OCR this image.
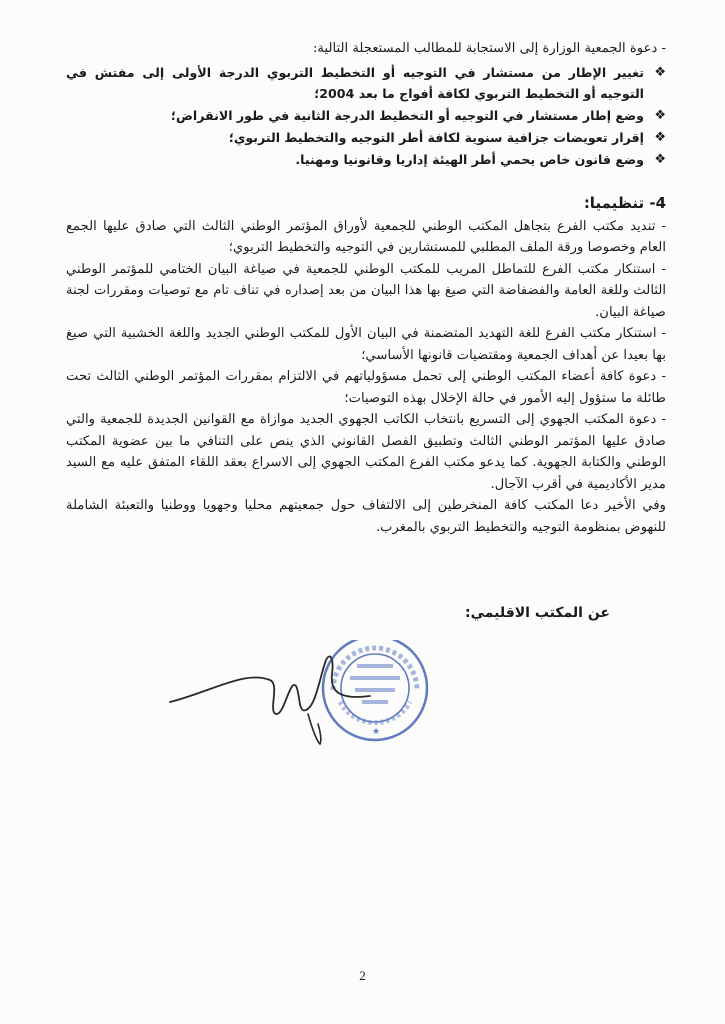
- دعوة الجمعية الوزارة إلى الاستجابة للمطالب المستعجلة التالية:

❖
تغيير الإطار من مستشار في التوجيه أو التخطيط التربوي الدرجة الأولى إلى مفتش في التوجيه أو التخطيط التربوي لكافة أفواج ما بعد 2004؛
❖
وضع إطار مستشار في التوجيه أو التخطيط الدرجة الثانية في طور الانقراض؛
❖
إقرار تعويضات جزافية سنوية لكافة أطر التوجيه والتخطيط التربوي؛
❖
وضع قانون خاص يحمي أطر الهيئة إداريا وقانونيا ومهنيا.
4- تنظيميا:

- تنديد مكتب الفرع بتجاهل المكتب الوطني للجمعية لأوراق المؤتمر الوطني الثالث التي صادق عليها الجمع العام وخصوصا ورقة الملف المطلبي للمستشارين في التوجيه والتخطيط التربوي؛

- استنكار مكتب الفرع للتماطل المريب للمكتب الوطني للجمعية في صياغة البيان الختامي للمؤتمر الوطني الثالث وللغة العامة والفضفاضة التي صيغ بها هذا البيان من بعد إصداره في تناف تام مع توصيات ومقررات لجنة صياغة البيان.

- استنكار مكتب الفرع للغة التهديد المتضمنة في البيان الأول للمكتب الوطني الجديد واللغة الخشبية التي صيغ بها بعيدا عن أهداف الجمعية ومقتضيات قانونها الأساسي؛

- دعوة كافة أعضاء المكتب الوطني إلى تحمل مسؤولياتهم في الالتزام بمقررات المؤتمر الوطني الثالث تحت طائلة ما ستؤول إليه الأمور في حالة الإخلال بهذه التوصيات؛

- دعوة المكتب الجهوي إلى التسريع بانتخاب الكاتب الجهوي الجديد موازاة مع القوانين الجديدة للجمعية والتي صادق عليها المؤتمر الوطني الثالث وتطبيق الفصل القانوني الذي ينص على التنافي ما بين عضوية المكتب الوطني والكتابة الجهوية. كما يدعو مكتب الفرع المكتب الجهوي إلى الاسراع بعقد اللقاء المتفق عليه مع السيد مدير الأكاديمية في أقرب الآجال.

وفي الأخير دعا المكتب كافة المنخرطين إلى الالتفاف حول جمعيتهم محليا وجهويا ووطنيا والتعبئة الشاملة للنهوض بمنظومة التوجيه والتخطيط التربوي بالمغرب.

عن المكتب الاقليمي:
★
2
